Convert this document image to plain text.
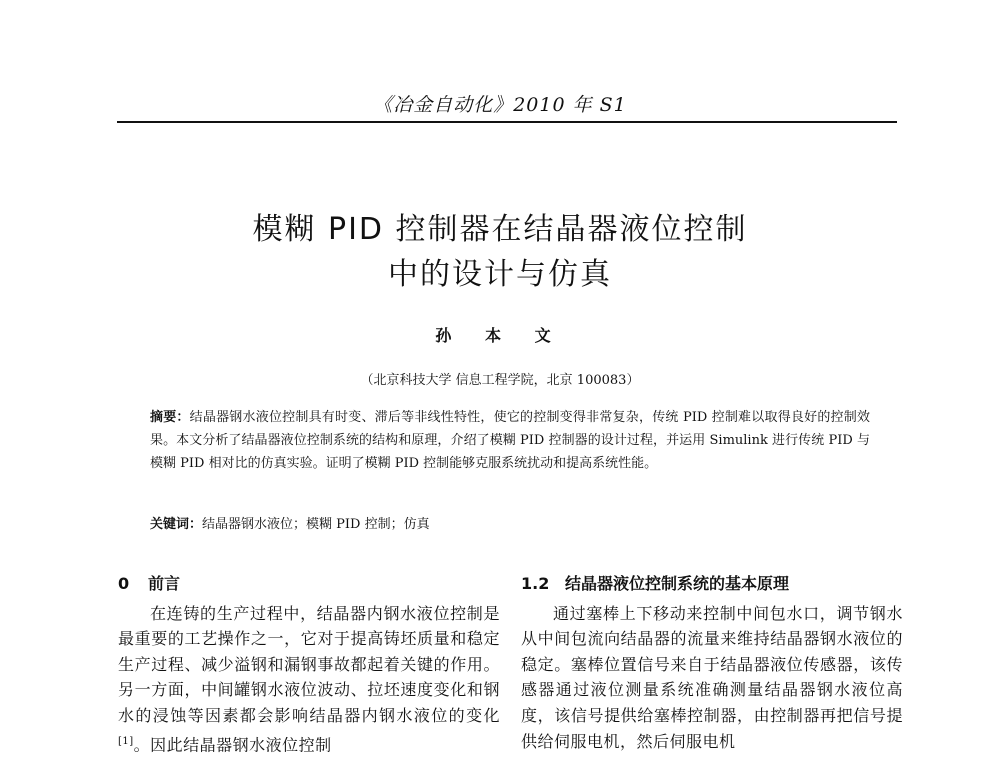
《冶金自动化》2010 年 S1
模糊 PID 控制器在结晶器液位控制
中的设计与仿真
孙 本 文
（北京科技大学 信息工程学院，北京 100083）
摘要：结晶器钢水液位控制具有时变、滞后等非线性特性，使它的控制变得非常复杂，传统 PID 控制难以取得良好的控制效果。本文分析了结晶器液位控制系统的结构和原理，介绍了模糊 PID 控制器的设计过程，并运用 Simulink 进行传统 PID 与模糊 PID 相对比的仿真实验。证明了模糊 PID 控制能够克服系统扰动和提高系统性能。
关键词：结晶器钢水液位；模糊 PID 控制；仿真
0 前言
在连铸的生产过程中，结晶器内钢水液位控制是最重要的工艺操作之一，它对于提高铸坯质量和稳定生产过程、减少溢钢和漏钢事故都起着关键的作用。另一方面，中间罐钢水液位波动、拉坯速度变化和钢水的浸蚀等因素都会影响结晶器内钢水液位的变化[1]。因此结晶器钢水液位控制
1.2 结晶器液位控制系统的基本原理
通过塞棒上下移动来控制中间包水口，调节钢水从中间包流向结晶器的流量来维持结晶器钢水液位的稳定。塞棒位置信号来自于结晶器液位传感器，该传感器通过液位测量系统准确测量结晶器钢水液位高度，该信号提供给塞棒控制器，由控制器再把信号提供给伺服电机，然后伺服电机
